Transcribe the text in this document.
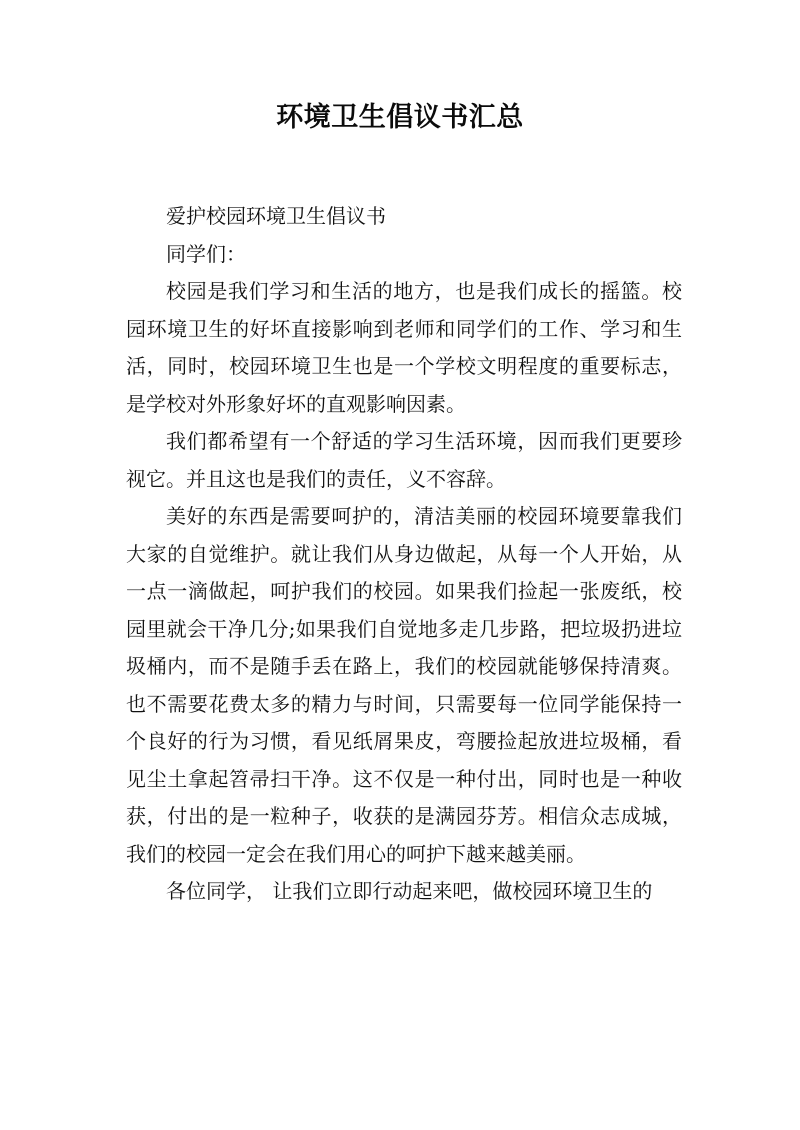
环境卫生倡议书汇总

爱护校园环境卫生倡议书

同学们：

校园是我们学习和生活的地方，也是我们成长的摇篮。校园环境卫生的好坏直接影响到老师和同学们的工作、学习和生活，同时，校园环境卫生也是一个学校文明程度的重要标志，是学校对外形象好坏的直观影响因素。

我们都希望有一个舒适的学习生活环境，因而我们更要珍视它。并且这也是我们的责任，义不容辞。

美好的东西是需要呵护的，清洁美丽的校园环境要靠我们大家的自觉维护。就让我们从身边做起，从每一个人开始，从一点一滴做起，呵护我们的校园。如果我们捡起一张废纸，校园里就会干净几分;如果我们自觉地多走几步路，把垃圾扔进垃圾桶内，而不是随手丢在路上，我们的校园就能够保持清爽。也不需要花费太多的精力与时间，只需要每一位同学能保持一个良好的行为习惯，看见纸屑果皮，弯腰捡起放进垃圾桶，看见尘土拿起笤帚扫干净。这不仅是一种付出，同时也是一种收获，付出的是一粒种子，收获的是满园芬芳。相信众志成城，我们的校园一定会在我们用心的呵护下越来越美丽。

各位同学， 让我们立即行动起来吧，做校园环境卫生的
